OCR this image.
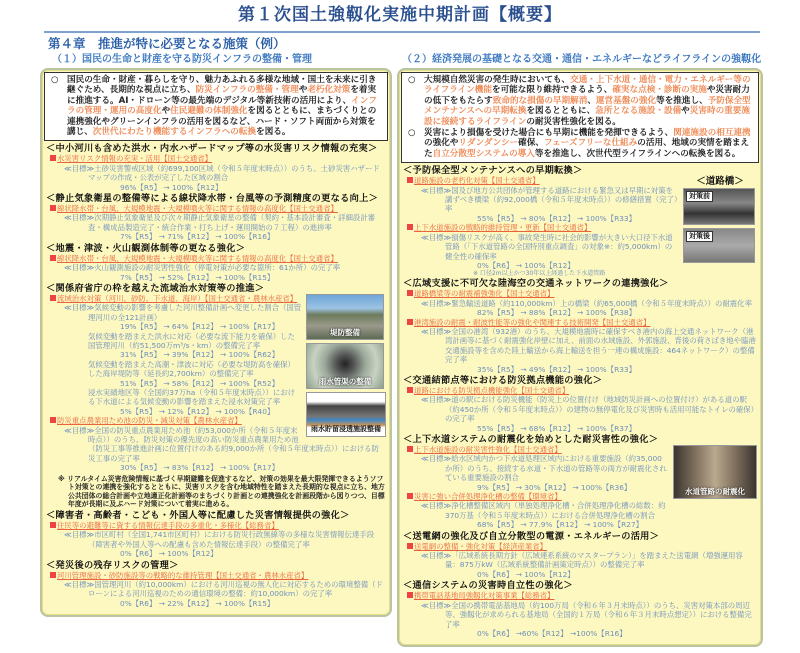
第１次国土強靱化実施中期計画【概要】
第４章　推進が特に必要となる施策（例）
（１）国民の生命と財産を守る防災インフラの整備・管理	（２）経済発展の基礎となる交通・通信・エネルギーなどライフラインの強靱化

○ 国民の生命・財産・暮らしを守り、魅力あふれる多様な地域・国土を未来に引き継ぐため、長期的な視点に立ち、防災インフラの整備・管理や老朽化対策を着実に推進する。AI・ドローン等の最先端のデジタル等新技術の活用により、インフラの管理・運用の高度化や住民避難の体制強化を図るとともに、まちづくりとの連携強化やグリーンインフラの活用を図るなど、ハード・ソフト両面から対策を講じ、次世代にわたり機能するインフラへの転換を図る。

＜中小河川も含めた洪水・内水ハザードマップ等の水災害リスク情報の充実＞
水災害リスク情報の充実・活用【国土交通省】
≪目標≫土砂災害警戒区域（約699,100区域（令和５年度末時点））のうち、土砂災害ハザードマップの作成・公表が完了した区域の割合
96%【R5】 → 100%【R12】
＜静止気象衛星の整備等による線状降水帯・台風等の予測精度の更なる向上＞
線状降水帯・台風、大規模地震・大規模噴火等に関する情報の高度化【国土交通省】
≪目標≫次期静止気象衛星及び次々期静止気象衛星の整備（契約・基本設計審査・詳細設計審査・構成品製造完了・統合作業・打ち上げ・運用開始の７工程）の進捗率
7%【R5】 → 71%【R12】 → 100%【R16】
＜地震・津波・火山観測体制等の更なる強化＞
線状降水帯・台風、大規模地震・大規模噴火等に関する情報の高度化【国土交通省】
≪目標≫火山観測施設の耐災害性強化（停電対策が必要な箇所：61か所）の完了率
7%【R5】 → 52%【R12】 → 100%【R15】
＜関係府省庁の枠を越えた流域治水対策等の推進＞
堤防整備
雨水管渠の整備
雨水貯留浸透施設整備
流域治水対策（河川、砂防、下水道、海岸）【国土交通省・農林水産省】
≪目標≫気候変動の影響を考慮した河川整備計画へ変更した割合（国管理河川の全121計画）
19%【R5】 → 64%【R12】 → 100%【R17】
気候変動を踏まえた洪水に対応（必要な流下能力を確保）した国管理河川（約51,500万m³/s・km）の整備完了率
31%【R5】 → 39%【R12】 → 100%【R62】
気候変動を踏まえた高潮・津波に対応（必要な堤防高を確保）した海岸堤防等（延長約2,700km）の整備完了率
51%【R5】 → 58%【R12】 → 100%【R52】
浸水実績地区等（全国約37万ha（令和５年度末時点））における下水道による気候変動の影響を踏まえた浸水対策完了率
5%【R5】 → 12%【R12】 → 100%【R40】
防災重点農業用ため池の防災・減災対策【農林水産省】
≪目標≫全国の防災重点農業用ため池（約53,000か所（令和５年度末時点））のうち、防災対策の優先度の高い防災重点農業用ため池（防災工事等推進計画に位置付けのある約9,000か所（令和５年度末時点））における防災工事の完了率
30%【R5】 → 83%【R12】 → 100%【R17】
※ リアルタイム災害危険情報に基づく早期避難を促進するなど、対策の効果を最大限発揮できるようソフト対策との連携を強化するとともに、災害リスクを含む地域特性を踏まえた長期的な視点に立ち、地方公共団体の総合計画や立地適正化計画等のまちづくり計画との連携強化を計画段階から図りつつ、目標年度が長期に及ぶハード対策について着実に進める。
＜障害者・高齢者・こども・外国人等に配慮した災害情報提供の強化＞
住民等の避難等に資する情報伝達手段の多重化・多様化【総務省】
≪目標≫市区町村（全国1,741市区町村）における防災行政無線等の多様な災害情報伝達手段（障害者や外国人等への配慮も含めた情報伝達手段）の整備完了率
0%【R6】 → 100%【R12】
＜発災後の残存リスクの管理＞
河川管理施設・砂防施設等の戦略的な維持管理【国土交通省・農林水産省】
≪目標≫国管理河川（約10,000km）における河川巡視の無人化に対応するための環境整備（ドローンによる河川巡視のための通信環境の整備：約10,000km）の完了率
0%【R6】 → 22%【R12】 → 100%【R15】

○ 大規模自然災害の発生時においても、交通・上下水道・通信・電力・エネルギー等のライフライン機能を可能な限り維持できるよう、確実な点検・診断の実施や災害耐力の低下をもたらす致命的な損傷の早期解消、運営基盤の強化等を推進し、予防保全型メンテナンスへの早期転換を図るとともに、急所となる施設・設備や災害時の重要施設に接続するライフラインの耐災害性強化を図る。

○ 災害により損傷を受けた場合にも早期に機能を発揮できるよう、関連施設の相互連携の強化やリダンダンシー確保、フェーズフリーな仕組みの活用、地域の実情を踏まえた自立分散型システムの導入等を推進し、次世代型ライフラインへの転換を図る。

＜予防保全型メンテナンスへの早期転換＞
＜道路橋＞
対策前
対策後
道路施設の老朽化対策【国土交通省】
≪目標≫国及び地方公共団体が管理する道路における緊急又は早期に対策を講ずべき橋梁（約92,000橋（令和５年度末時点））の修繕措置（完了）率
55%【R5】 → 80%【R12】 → 100%【R33】
上下水道施設の戦略的維持管理・更新【国土交通省】
≪目標≫損傷リスクが高く、事故発生時に社会的影響が大きい大口径下水道管路（「下水道管路の全国特別重点調査」の対象※：約5,000km）の健全性の確保率
0%【R6】 → 100%【R12】
※ 口径2m以上かつ30年以上経過した下水道管路
＜広域支援に不可欠な陸海空の交通ネットワークの連携強化＞
道路橋梁等の耐震補強強化【国土交通省】
≪目標≫緊急輸送道路（約110,000km）上の橋梁（約65,000橋（令和５年度末時点））の耐震化率
82%【R5】 → 88%【R12】 → 100%【R38】
港湾施設の耐震・耐波性能等の強化や関連する技術開発【国土交通省】
≪目標≫全国の港湾（932港）のうち、大規模地震時に確保すべき港内の海上交通ネットワーク（港湾計画等に基づく耐震強化岸壁に加え、前面の水域施設、外郭施設、背後の荷さばき地や臨港交通施設等を含めた陸上輸送から海上輸送を担う一連の構成施設：464ネットワーク）の整備完了率
35%【R5】 → 49%【R12】 → 100%【R33】
＜交通結節点等における防災拠点機能の強化＞
道路における防災拠点機能強化【国土交通省】
≪目標≫道の駅における防災機能（防災上の位置付け（地域防災計画への位置付け）がある道の駅（約450か所（令和５年度末時点））の建物の無停電化及び災害時も活用可能なトイレの確保）の完了率
55%【R5】 → 68%【R12】 → 100%【R37】
＜上下水道システムの耐震化を始めとした耐災害性の強化＞
水道管路の耐震化
上下水道施設の耐災害性強化【国土交通省】
≪目標≫給水区域内かつ下水道処理区域内における重要施設（約35,000か所）のうち、接続する水道・下水道の管路等の両方が耐震化されている重要施設の割合
9%【R5】 → 30%【R12】 → 100%【R36】
災害に強い合併処理浄化槽の整備【環境省】
≪目標≫浄化槽整備区域内（単独処理浄化槽・合併処理浄化槽の総数：約370万基（令和５年度末時点））における合併処理浄化槽の割合
68%【R5】 → 77.9%【R12】 → 100%【R27】
＜送電網の強化及び自立分散型の電源・エネルギーの活用＞
送電網の整備・強化対策【経済産業省】
≪目標≫「広域系統長期方針（広域連系系統のマスタープラン）」を踏まえた送電網（増強運用容量：875万kW（広域系統整備計画策定時点））の整備完了率
0%【R6】 → 100%【R12】
＜通信システムの災害時自立性の強化＞
携帯電話基地局強靱化対策事業【総務省】
≪目標≫全国の携帯電話基地局（約100万局（令和６年３月末時点））のうち、災害対策本部の周辺等、強靱化が求められる基地局（全国約１万局（令和６年３月末時点想定））における整備完了率
0%【R6】 →60%【R12】 →100%【R16】
